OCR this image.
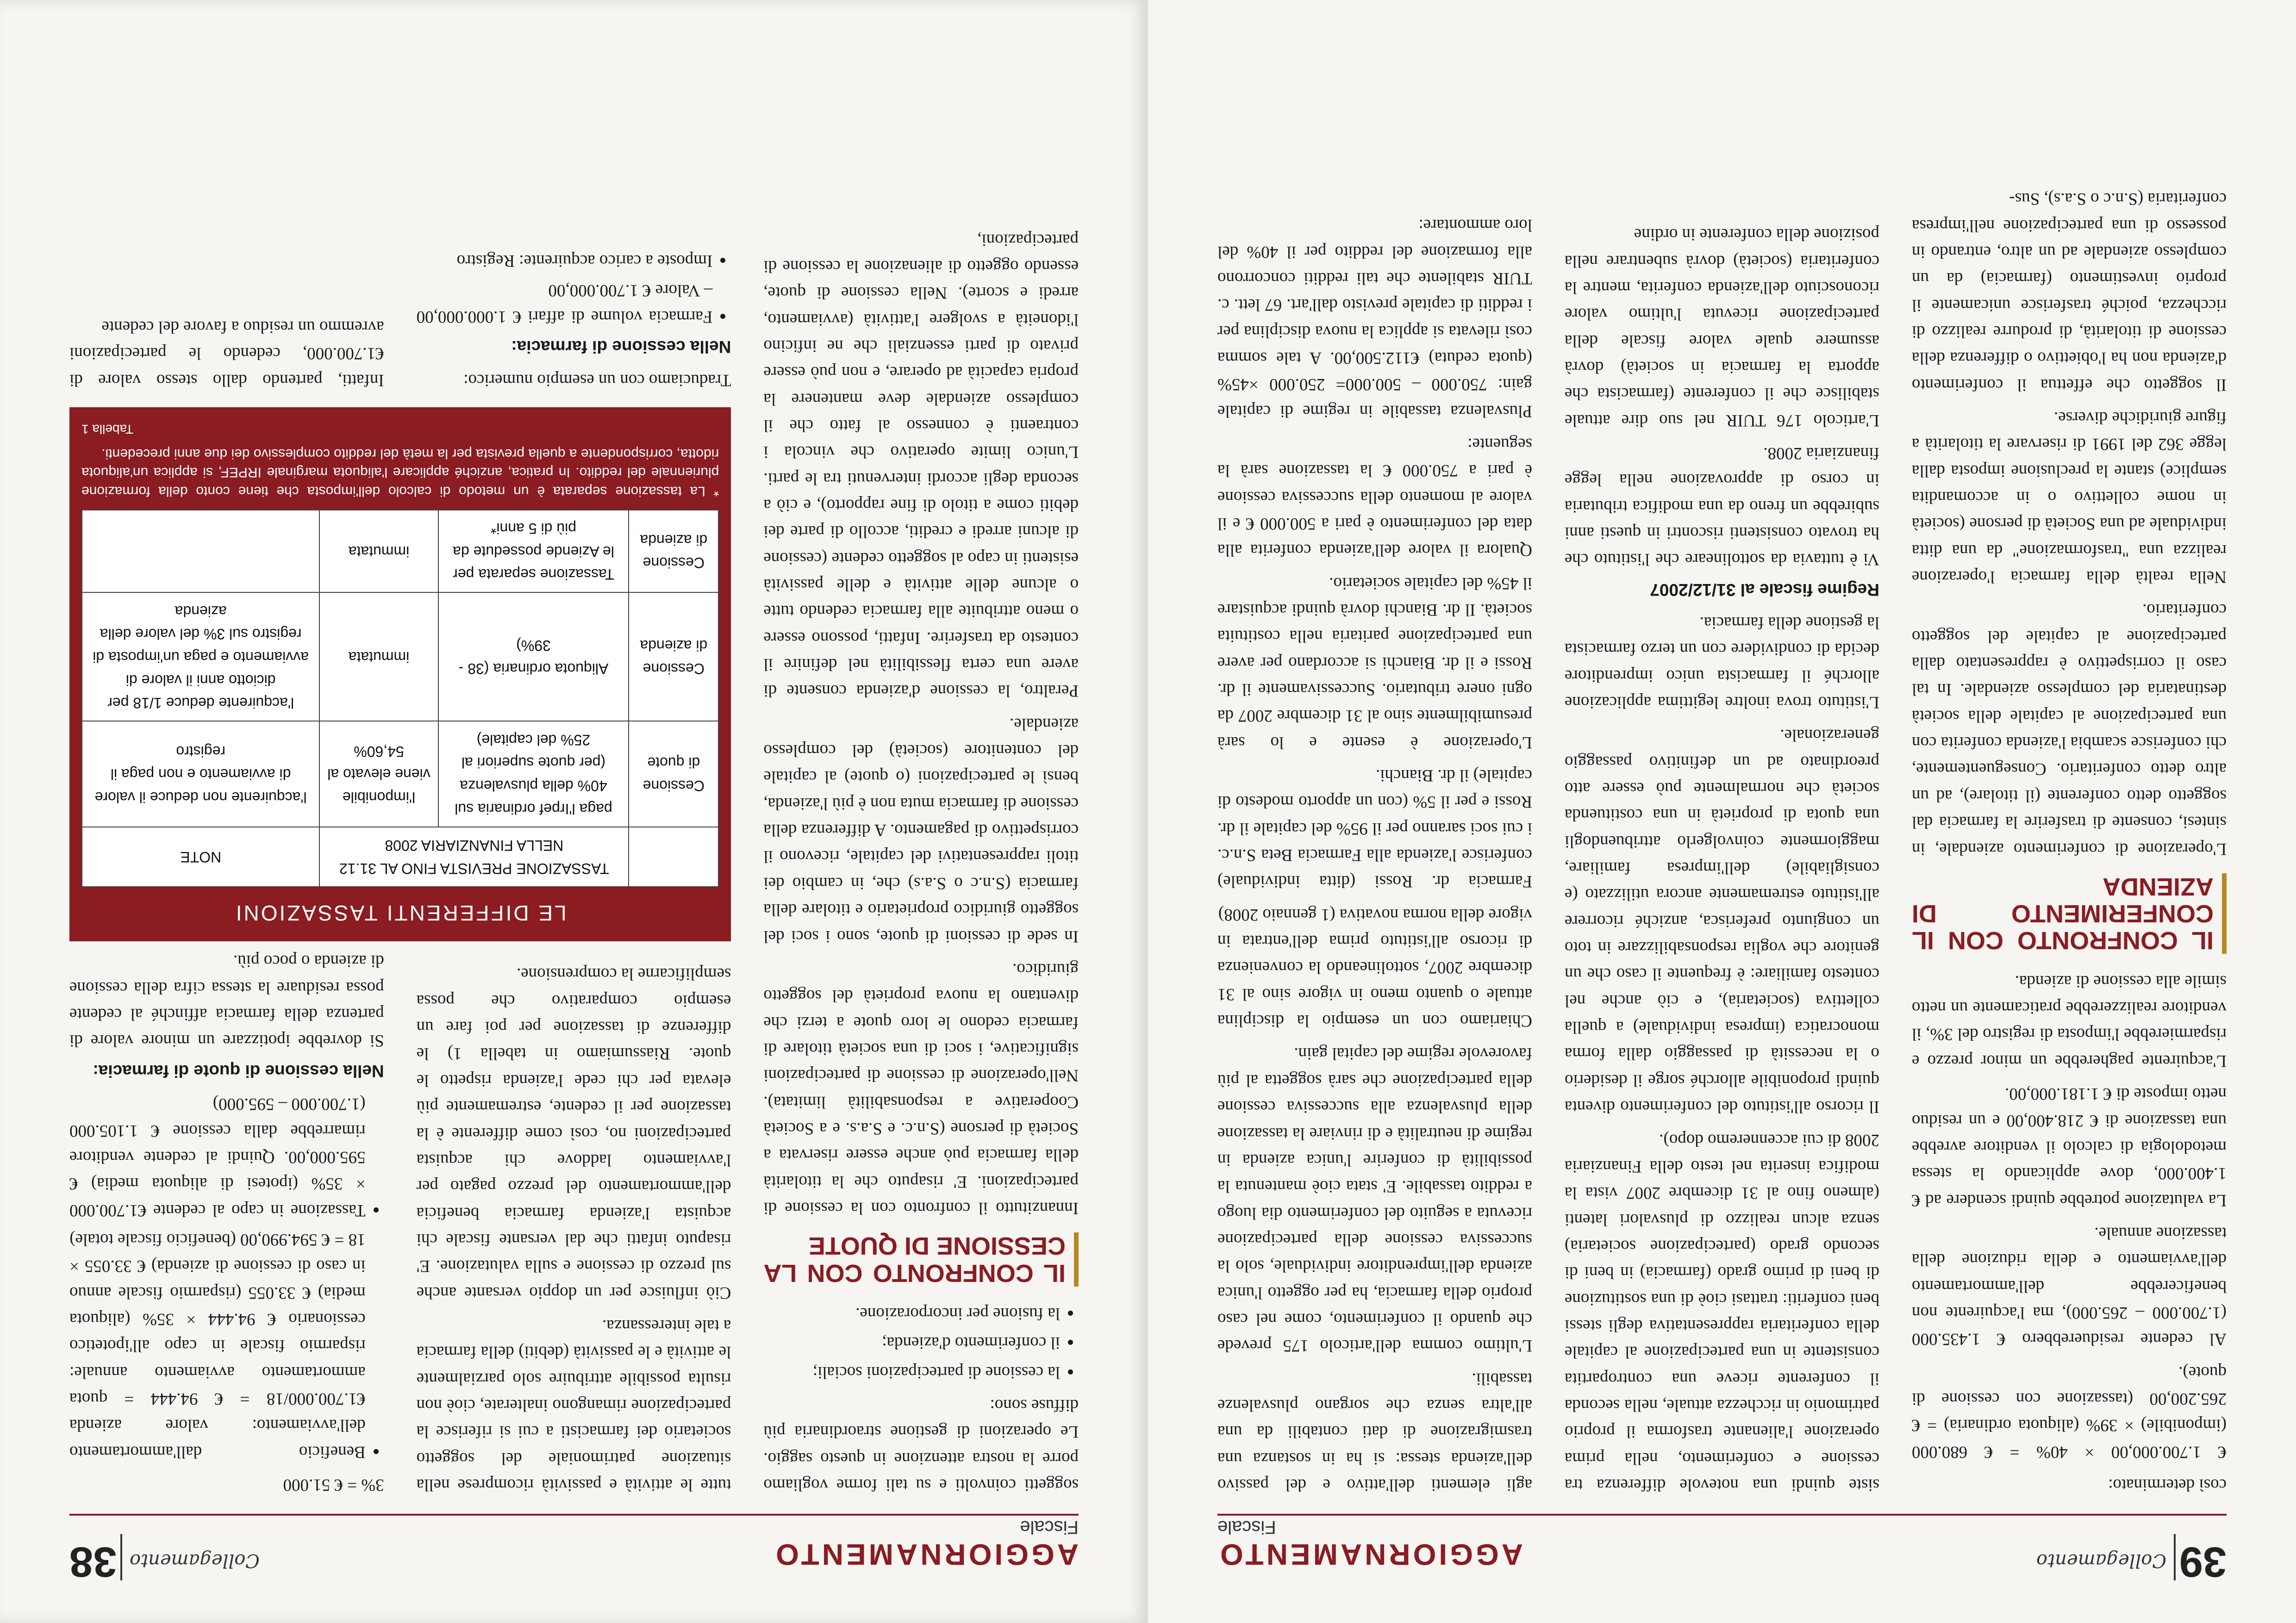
39
Collegamento
AGGIORNAMENTO
Fiscale

così determinato:

€ 1.700.000,00 × 40% = € 680.000 (imponibile) × 39% (aliquota ordinaria) = € 265.200,00 (tassazione con cessione di quote).

Al cedente residuerebbero € 1.435.000 (1.700.000 – 265.000), ma l'acquirente non beneficerebbe dell'ammortamento dell'avviamento e della riduzione della tassazione annuale.

La valutazione potrebbe quindi scendere ad € 1.400.000, dove applicando la stessa metodologia di calcolo il venditore avrebbe una tassazione di € 218.400,00 e un residuo netto imposte di € 1.181.000,00.

L'acquirente pagherebbe un minor prezzo e risparmierebbe l'imposta di registro del 3%, il venditore realizzerebbe praticamente un netto simile alla cessione di azienda.

IL CONFRONTO CON IL CONFERIMENTO DI AZIENDA

L'operazione di conferimento aziendale, in sintesi, consente di trasferire la farmacia dal soggetto detto conferente (il titolare), ad un altro detto conferitario. Conseguentemente, chi conferisce scambia l'azienda conferita con una partecipazione al capitale della società destinataria del complesso aziendale. In tal caso il corrispettivo è rappresentato dalla partecipazione al capitale del soggetto conferitario.

Nella realtà della farmacia l'operazione realizza una "trasformazione" da una ditta individuale ad una Società di persone (società in nome collettivo o in accomandita semplice) stante la preclusione imposta dalla legge 362 del 1991 di riservare la titolarità a figure giuridiche diverse.

Il soggetto che effettua il conferimento d'azienda non ha l'obiettivo o differenza della cessione di titolarità, di produrre realizzo di ricchezza, poiché trasferisce unicamente il proprio investimento (farmacia) da un complesso aziendale ad un altro, entrando in possesso di una partecipazione nell'impresa conferitaria (S.n.c o S.a.s), Sus-

siste quindi una notevole differenza tra cessione e conferimento, nella prima operazione l'alienante trasforma il proprio patrimonio in ricchezza attuale, nella seconda il conferente riceve una contropartita consistente in una partecipazione al capitale della conferitaria rappresentativa degli stessi beni conferiti: trattasi cioè di una sostituzione di beni di primo grado (farmacia) in beni di secondo grado (partecipazione societaria) senza alcun realizzo di plusvalori latenti (almeno fino al 31 dicembre 2007 vista la modifica inserita nel testo della Finanziaria 2008 di cui accenneremo dopo).

Il ricorso all'istituto del conferimento diventa quindi proponibile allorché sorge il desiderio o la necessità di passaggio dalla forma monocratica (impresa individuale) a quella collettiva (societaria), e ciò anche nel contesto familiare: è frequente il caso che un genitore che voglia responsabilizzare in toto un congiunto preferisca, anziché ricorrere all'istituto estremamente ancora utilizzato (e consigliabile) dell'impresa familiare, maggiormente coinvolgerlo attribuendogli una quota di proprietà in una costituenda società che normalmente può essere atto preordinato ad un definitivo passaggio generazionale.

L'istituto trova inoltre legittima applicazione allorché il farmacista unico imprenditore decida di condividere con un terzo farmacista la gestione della farmacia.

Regime fiscale al 31/12/2007

Vi è tuttavia da sottolineare che l'istituto che ha trovato consistenti riscontri in questi anni subirebbe un freno da una modifica tributaria in corso di approvazione nella legge finanziaria 2008.

L'articolo 176 TUIR nel suo dire attuale stabilisce che il conferente (farmacista che apporta la farmacia in società) dovrà assumere quale valore fiscale della partecipazione ricevuta l'ultimo valore riconosciuto dell'azienda conferita, mentre la conferitaria (società) dovrà subentrare nella posizione della conferente in ordine

agli elementi dell'attivo e del passivo dell'azienda stessa: si ha in sostanza una trasmigrazione di dati contabili da una all'altra senza che sorgano plusvalenze tassabili.

L'ultimo comma dell'articolo 175 prevede che quando il conferimento, come nel caso proprio della farmacia, ha per oggetto l'unica azienda dell'imprenditore individuale, solo la successiva cessione della partecipazione ricevuta a seguito del conferimento dia luogo a reddito tassabile. E' stata cioè mantenuta la possibilità di conferire l'unica azienda in regime di neutralità e di rinviare la tassazione della plusvalenza alla successiva cessione della partecipazione che sarà soggetta al più favorevole regime del capital gain.

Chiariamo con un esempio la disciplina attuale o quanto meno in vigore sino al 31 dicembre 2007, sottolineando la convenienza di ricorso all'istituto prima dell'entrata in vigore della norma novativa (1 gennaio 2008)

Farmacia dr. Rossi (ditta individuale) conferisce l'azienda alla Farmacia Beta S.n.c. i cui soci saranno per il 95% del capitale il dr. Rossi e per il 5% (con un apporto modesto di capitale) il dr. Bianchi.

L'operazione è esente e lo sarà presumibilmente sino al 31 dicembre 2007 da ogni onere tributario. Successivamente il dr. Rossi e il dr. Bianchi si accordano per avere una partecipazione paritaria nella costituita società. Il dr. Bianchi dovrà quindi acquistare il 45% del capitale societario.

Qualora il valore dell'azienda conferita alla data del conferimento è pari a 500.000 € e il valore al momento della successiva cessione è pari a 750.000 € la tassazione sarà la seguente:

Plusvalenza tassabile in regime di capitale gain: 750.000 – 500.000= 250.000 ×45% (quota ceduta) €112.500,00. A tale somma così rilevata si applica la nuova disciplina per i redditi di capitale previsto dall'art. 67 lett. c. TUIR stabilente che tali redditi concorrono alla formazione del reddito per il 40% del loro ammontare:

38 Collegamento	AGGIORNAMENTO
Fiscale

soggetti coinvolti e su tali forme vogliamo porre la nostra attenzione in questo saggio. Le operazioni di gestione straordinaria più diffuse sono:

• la cessione di partecipazioni sociali;
• il conferimento d'azienda;
• la fusione per incorporazione.
IL CONFRONTO CON LA CESSIONE DI QUOTE

Innanzitutto il confronto con la cessione di partecipazioni. E' risaputo che la titolarità della farmacia può anche essere riservata a Società di persone (S.n.c. e S.a.s. e a Società Cooperative a responsabilità limitata). Nell'operazione di cessione di partecipazioni significative, i soci di una società titolare di farmacia cedono le loro quote a terzi che diventano la nuova proprietà del soggetto giuridico.

In sede di cessioni di quote, sono i soci del soggetto giuridico proprietario e titolare della farmacia (S.n.c o S.a.s) che, in cambio dei titoli rappresentativi del capitale, ricevono il corrispettivo di pagamento. A differenza della cessione di farmacia muta non è più l'azienda, bensì le partecipazioni (o quote) al capitale del contenitore (società) del complesso aziendale.

Peraltro, la cessione d'azienda consente di avere una certa flessibilità nel definire il contesto da trasferire. Infatti, possono essere o meno attribuite alla farmacia cedendo tutte o alcune delle attività e delle passività esistenti in capo al soggetto cedente (cessione di alcuni arredi e crediti, accollo di parte dei debiti come a titolo di fine rapporto), e ciò a seconda degli accordi intervenuti tra le parti. L'unico limite operativo che vincola i contraenti è connesso al fatto che il complesso aziendale deve mantenere la propria capacità ad operare, e non può essere privato di parti essenziali che ne inficino l'idoneità a svolgere l'attività (avviamento, arredi e scorte). Nella cessione di quote, essendo oggetto di alienazione la cessione di partecipazioni,

tutte le attività e passività ricomprese nella situazione patrimoniale del soggetto societario dei farmacisti a cui si riferisce la partecipazione rimangono inalterate, cioè non risulta possibile attribuire solo parzialmente le attività e le passività (debiti) della farmacia a tale interessanza.

Ciò influisce per un doppio versante anche sul prezzo di cessione e sulla valutazione. E' risaputo infatti che dal versante fiscale chi acquista l'azienda farmacia beneficia dell'ammortamento del prezzo pagato per l'avviamento laddove chi acquista partecipazioni no, così come differente è la tassazione per il cedente, estremamente più elevata per chi cede l'azienda rispetto le quote. Riassumiamo in tabella 1) le differenze di tassazione per poi fare un esempio comparativo che possa semplificarne la comprensione.

3% = € 51.000

• Beneficio dall'ammortamento dell'avviamento: valore azienda €1.700.000/18 = € 94.444 = quota ammortamento avviamento annuale: risparmio fiscale in capo all'ipotetico cessionario € 94.444 × 35% (aliquota media) € 33.055 (risparmio fiscale annuo in caso di cessione di azienda) € 33.055 × 18 = € 594.990,00 (beneficio fiscale totale)
• Tassazione in capo al cedente €1.700.000 × 35% (ipotesi di aliquota media) € 595.000,00. Quindi al cedente venditore rimarrebbe dalla cessione € 1.105.000 (1.700.000 – 595.000)
Nella cessione di quote di farmacia:

Si dovrebbe ipotizzare un minore valore di partenza della farmacia affinché al cedente possa residuare la stessa cifra della cessione di azienda o poco più.

LE DIFFERENTI TASSAZIONI
	TASSAZIONE PREVISTA FINO AL 31.12 NELLA FINANZIARIA 2008		NOTE
Cessione di quote	paga l'Irpef ordinaria sul 40% della plusvalenza (per quote superiori al 25% del capitale)	l'imponibile viene elevato al 54,60%	l'acquirente non deduce il valore di avviamento e non paga il registro
Cessione di azienda	Aliquota ordinaria (38 - 39%)	immutata	l'acquirente deduce 1/18 per diciotto anni il valore di avviamento e paga un'imposta di registro sul 3% del valore della azienda
Cessione di azienda	Tassazione separata per le Aziende possedute da più di 5 anni*	immutata	
* La tassazione separata è un metodo di calcolo dell'imposta che tiene conto della formazione pluriennale del reddito. In pratica, anziché applicare l'aliquota marginale IRPEF, si applica un'aliquota ridotta, corrispondente a quella prevista per la metà del reddito complessivo dei due anni precedenti.
Tabella 1

Traduciamo con un esempio numerico:

Nella cessione di farmacia:
• Farmacia volume di affari € 1.000.000,00 – Valore € 1.700.000,00
• Imposte a carico acquirente: Registro

Infatti, partendo dallo stesso valore di €1.700.000, cedendo le partecipazioni avremmo un residuo a favore del cedente
